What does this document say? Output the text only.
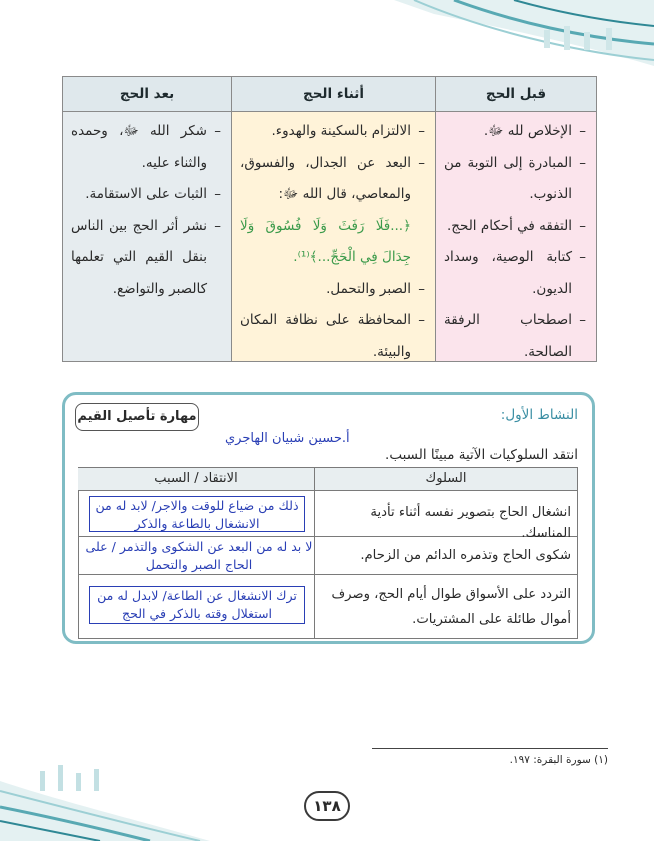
قبل الحج
أثناء الحج
بعد الحج
– الإخلاص لله ﷻ.
– المبادرة إلى التوبة من الذنوب.
– التفقه في أحكام الحج.
– كتابة الوصية، وسداد الديون.
– اصطحاب الرفقة الصالحة.
– الالتزام بالسكينة والهدوء.
– البعد عن الجدال، والفسوق، والمعاصي، قال الله ﷻ:
﴿...فَلَا رَفَثَ وَلَا فُسُوقَ وَلَا جِدَالَ فِي الْحَجِّ...﴾⁽¹⁾.
– الصبر والتحمل.
– المحافظة على نظافة المكان والبيئة.
– شكر الله ﷻ، وحمده والثناء عليه.
– الثبات على الاستقامة.
– نشر أثر الحج بين الناس بنقل القيم التي تعلمها كالصبر والتواضع.
النشاط الأول:
مهارة تأصيل القيم
أ.حسين شبيان الهاجري
انتقد السلوكيات الآتية مبينًا السبب.
السلوك
الانتقاد / السبب
انشغال الحاج بتصوير نفسه أثناء تأدية المناسك.
شكوى الحاج وتذمره الدائم من الزحام.
التردد على الأسواق طوال أيام الحج، وصرف أموال طائلة على المشتريات.
ذلك من ضياع للوقت والاجر/ لابد له من الانشغال بالطاعة والذكر
لا بد له من البعد عن الشكوى والتذمر / على الحاج الصبر والتحمل
ترك الانشغال عن الطاعة/ لابدل له من استغلال وقته بالذكر في الحج
(١) سورة البقرة: ١٩٧.
١٣٨
